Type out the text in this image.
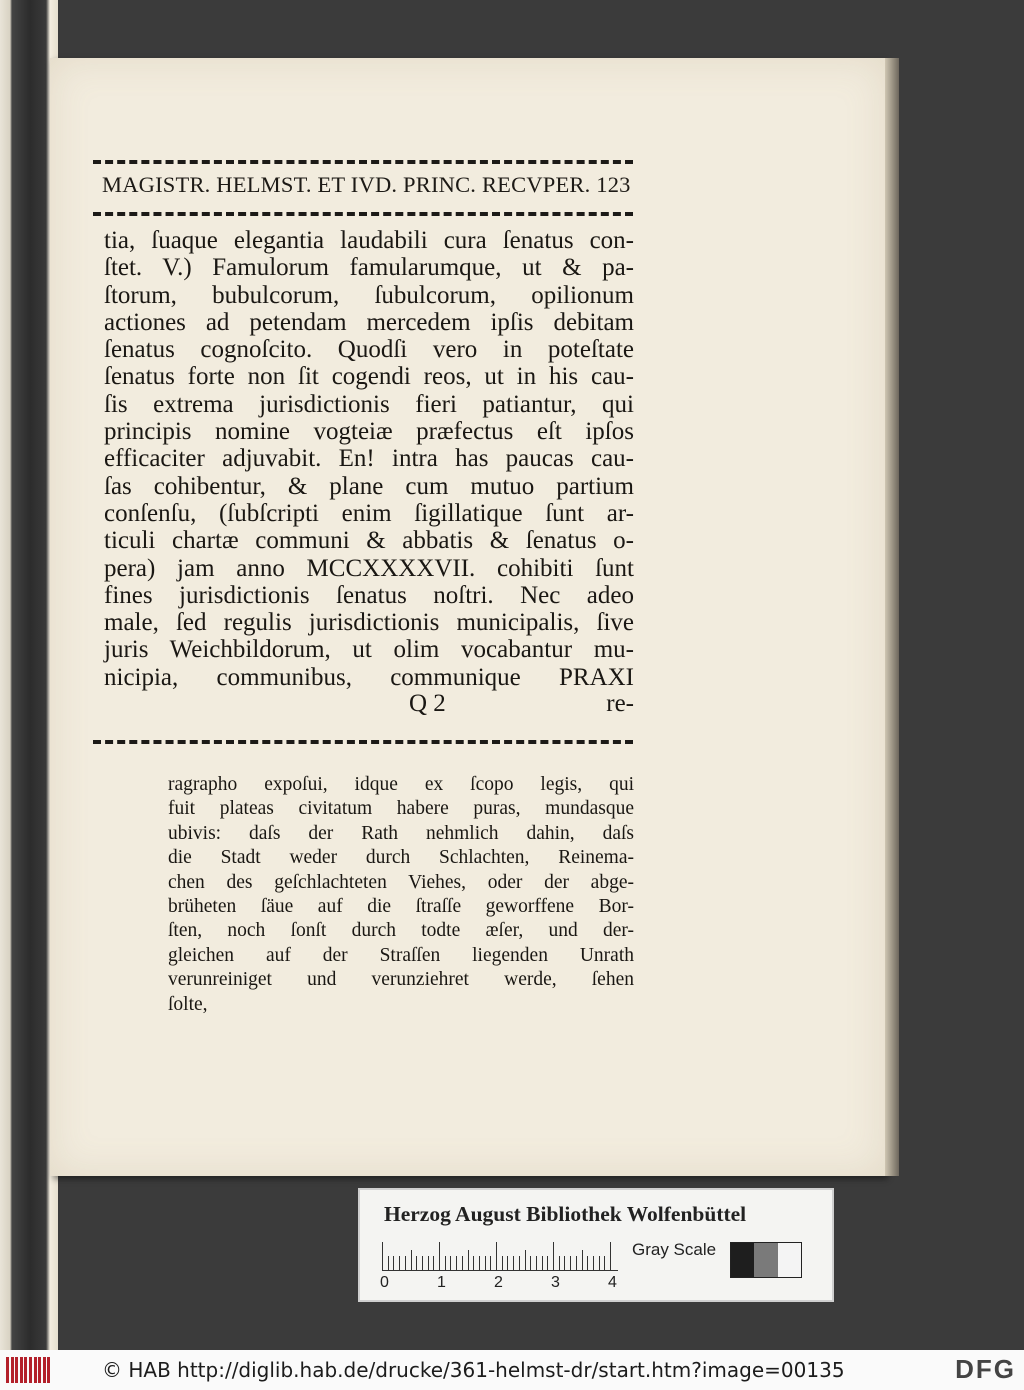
MAGISTR. HELMST. ET IVD. PRINC. RECVPER. 123
tia, ſuaque elegantia laudabili cura ſenatus con-
ſtet. V.) Famulorum famularumque, ut & pa-
ſtorum, bubulcorum, ſubulcorum, opilionum
actiones ad petendam mercedem ipſis debitam
ſenatus cognoſcito. Quodſi vero in poteſtate
ſenatus forte non ſit cogendi reos, ut in his cau-
ſis extrema jurisdictionis fieri patiantur, qui
principis nomine vogteiæ præfectus eſt ipſos
efficaciter adjuvabit. En! intra has paucas cau-
ſas cohibentur, & plane cum mutuo partium
conſenſu, (ſubſcripti enim ſigillatique ſunt ar-
ticuli chartæ communi & abbatis & ſenatus o-
pera) jam anno MCCXXXXVII. cohibiti ſunt
fines jurisdictionis ſenatus noſtri. Nec adeo
male, ſed regulis jurisdictionis municipalis, ſive
juris Weichbildorum, ut olim vocabantur mu-
nicipia, communibus, communique PRAXI
Q 2	re-
ragrapho expoſui, idque ex ſcopo legis, qui
fuit plateas civitatum habere puras, mundasque
ubivis: daſs der Rath nehmlich dahin, daſs
die Stadt weder durch Schlachten, Reinema-
chen des geſchlachteten Viehes, oder der abge-
brüheten ſäue auf die ſtraſſe geworffene Bor-
ſten, noch ſonſt durch todte æſer, und der-
gleichen auf der Straſſen liegenden Unrath
verunreiniget und verunziehret werde, ſehen
ſolte,
Herzog August Bibliothek Wolfenbüttel
0	1	2	3	4
Gray Scale
© HAB http://diglib.hab.de/drucke/361-helmst-dr/start.htm?image=00135	DFG
